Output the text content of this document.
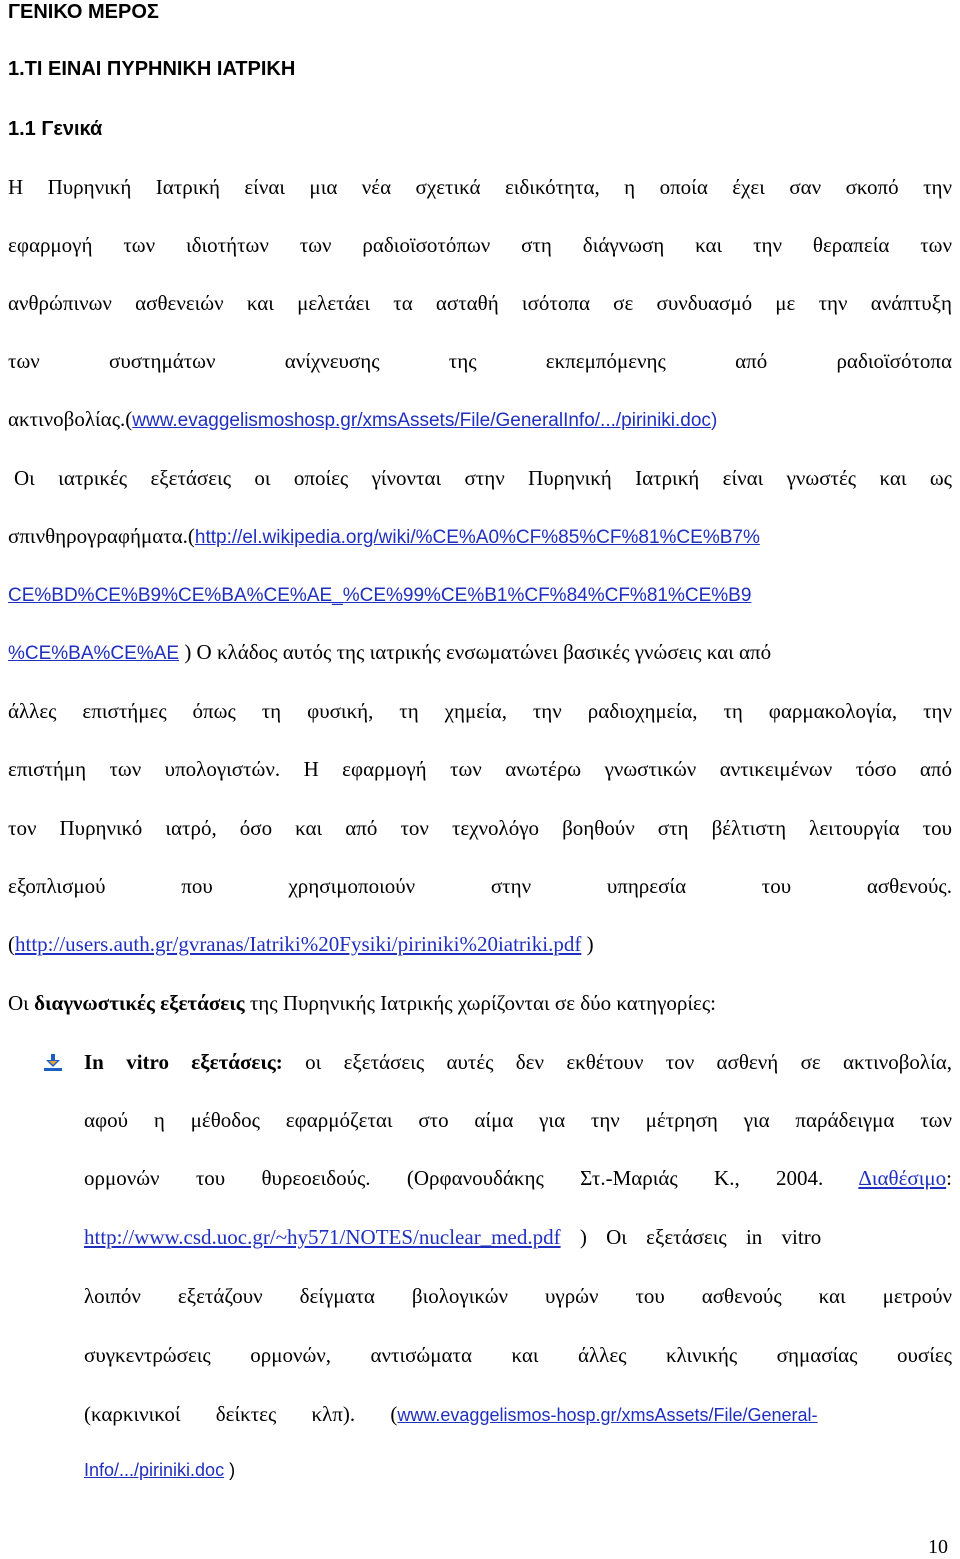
ΓΕΝΙΚΟ ΜΕΡΟΣ
1.ΤΙ ΕΙΝΑΙ ΠΥΡΗΝΙΚΗ ΙΑΤΡΙΚΗ
1.1 Γενικά
Η Πυρηνική Ιατρική είναι μια νέα σχετικά ειδικότητα, η οποία έχει σαν σκοπό την
εφαρμογή των ιδιοτήτων των ραδιοϊσοτόπων στη διάγνωση και την θεραπεία των
ανθρώπινων ασθενειών και μελετάει τα ασταθή ισότοπα σε συνδυασμό με την ανάπτυξη
των συστημάτων ανίχνευσης της εκπεμπόμενης από ραδιοϊσότοπα
ακτινοβολίας.(www.evaggelismoshosp.gr/xmsAssets/File/GeneralInfo/.../piriniki.doc)
Οι ιατρικές εξετάσεις οι οποίες γίνονται στην Πυρηνική Ιατρική είναι γνωστές και ως
σπινθηρογραφήματα.(http://el.wikipedia.org/wiki/%CE%A0%CF%85%CF%81%CE%B7%
CE%BD%CE%B9%CE%BA%CE%AE_%CE%99%CE%B1%CF%84%CF%81%CE%B9
%CE%BA%CE%AE ) Ο κλάδος αυτός της ιατρικής ενσωματώνει βασικές γνώσεις και από
άλλες επιστήμες όπως τη φυσική, τη χημεία, την ραδιοχημεία, τη φαρμακολογία, την
επιστήμη των υπολογιστών. Η εφαρμογή των ανωτέρω γνωστικών αντικειμένων τόσο από
τον Πυρηνικό ιατρό, όσο και από τον τεχνολόγο βοηθούν στη βέλτιστη λειτουργία του
εξοπλισμού που χρησιμοποιούν στην υπηρεσία του ασθενούς.
(http://users.auth.gr/gvranas/Iatriki%20Fysiki/piriniki%20iatriki.pdf )
Οι διαγνωστικές εξετάσεις της Πυρηνικής Ιατρικής χωρίζονται σε δύο κατηγορίες:
In vitro εξετάσεις: οι εξετάσεις αυτές δεν εκθέτουν τον ασθενή σε ακτινοβολία,
αφού η μέθοδος εφαρμόζεται στο αίμα για την μέτρηση για παράδειγμα των
ορμονών του θυρεοειδούς. (Ορφανουδάκης Στ.-Μαριάς Κ., 2004. Διαθέσιμο:
http://www.csd.uoc.gr/~hy571/NOTES/nuclear_med.pdf ) Οι εξετάσεις in vitro
λοιπόν εξετάζουν δείγματα βιολογικών υγρών του ασθενούς και μετρούν
συγκεντρώσεις ορμονών, αντισώματα και άλλες κλινικής σημασίας ουσίες
(καρκινικοί δείκτες κλπ). (www.evaggelismos-hosp.gr/xmsAssets/File/General-
Info/.../piriniki.doc )
10
